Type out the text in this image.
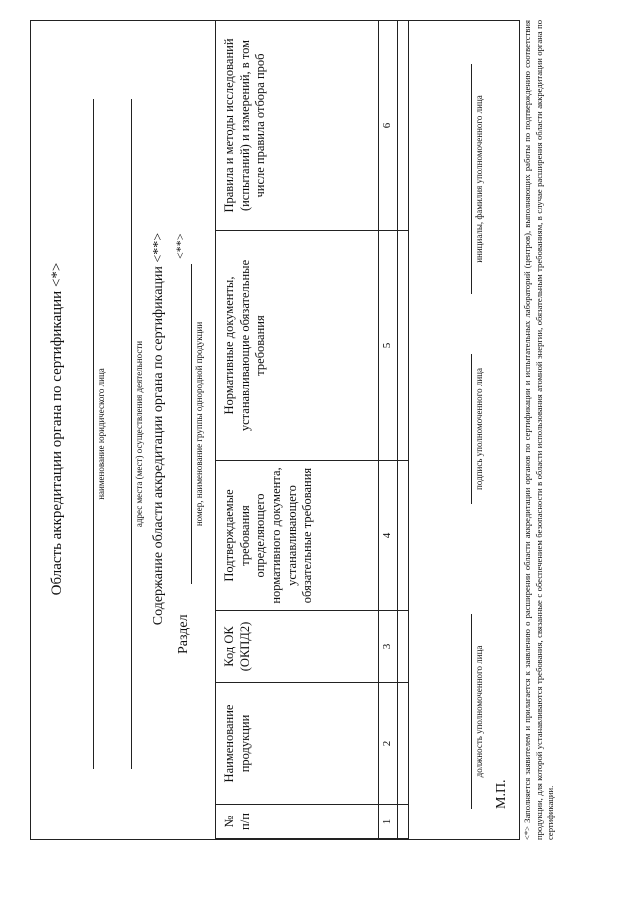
Область аккредитации органа по сертификации <*>	наименование юридического лица	адрес места (мест) осуществления деятельности Содержание области аккредитации органа по сертификации <**>
Раздел
<**>
номер, наименование группы однородной продукции
№ п/п	Наименование продукции	Код ОК (ОКПД2)	Подтверждаемые требования определяющего нормативного документа, устанавливающего обязательные требования	Нормативные документы, устанавливающие обязательные требования	Правила и методы исследований (испытаний) и измерений, в том числе правила отбора проб
1	2	3	4	5	6

должность уполномоченного лица
подпись уполномоченного лица
инициалы, фамилия уполномоченного лица
М.П. <*> Заполняется заявителем и прилагается к заявлению о расширении области аккредитации органов по сертификации и испытательных лабораторий (центров), выполняющих работы по подтверждению соответствия продукции, для которой устанавливаются требования, связанные с обеспечением безопасности в области использования атомной энергии, обязательным требованиям, в случае расширения области аккредитации органа по сертификации.
